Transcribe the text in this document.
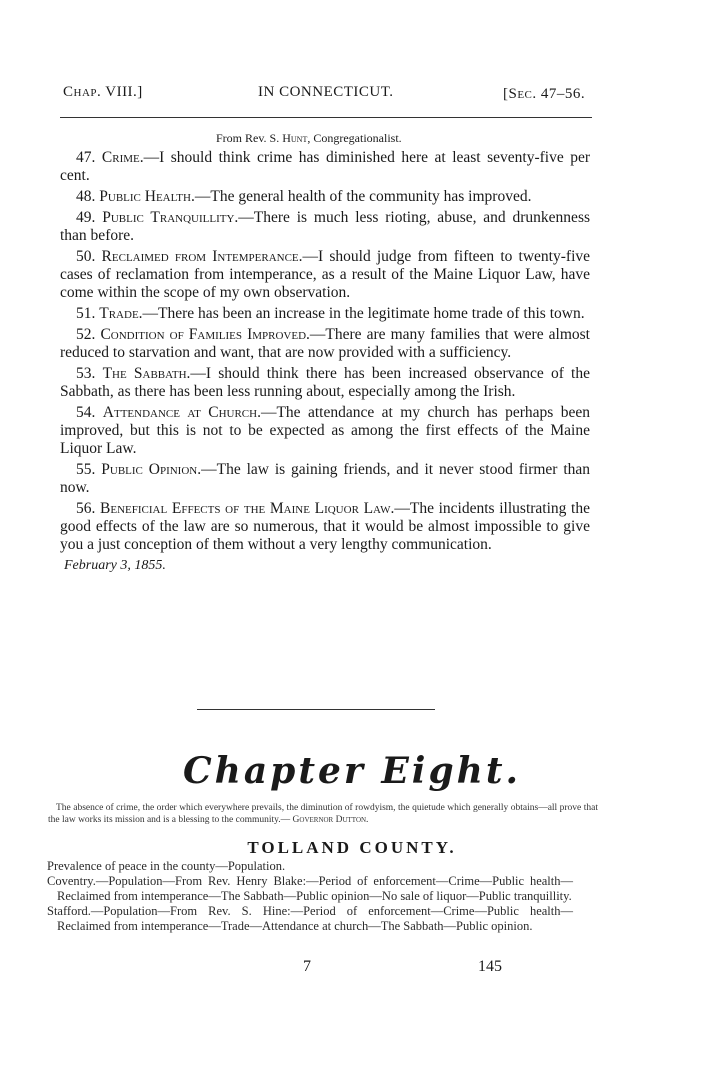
Chap. VIII.]	IN CONNECTICUT.	[Sec. 47–56.
From Rev. S. Hunt, Congregationalist.

47. Crime.—I should think crime has diminished here at least seventy-five per cent.

48. Public Health.—The general health of the community has improved.

49. Public Tranquillity.—There is much less rioting, abuse, and drunkenness than before.

50. Reclaimed from Intemperance.—I should judge from fifteen to twenty-five cases of reclamation from intemperance, as a result of the Maine Liquor Law, have come within the scope of my own observation.

51. Trade.—There has been an increase in the legitimate home trade of this town.

52. Condition of Families Improved.—There are many families that were almost reduced to starvation and want, that are now provided with a sufficiency.

53. The Sabbath.—I should think there has been increased observance of the Sabbath, as there has been less running about, especially among the Irish.

54. Attendance at Church.—The attendance at my church has perhaps been improved, but this is not to be expected as among the first effects of the Maine Liquor Law.

55. Public Opinion.—The law is gaining friends, and it never stood firmer than now.

56. Beneficial Effects of the Maine Liquor Law.—The incidents illustrating the good effects of the law are so numerous, that it would be almost impossible to give you a just conception of them without a very lengthy communication.

February 3, 1855.

Chapter Eight.

The absence of crime, the order which everywhere prevails, the diminution of rowdyism, the quietude which generally obtains—all prove that the law works its mission and is a blessing to the community.— Governor Dutton.

TOLLAND COUNTY.

Prevalence of peace in the county—Population.

Coventry.—Population—From Rev. Henry Blake:—Period of enforcement—Crime—Public health—Reclaimed from intemperance—The Sabbath—Public opinion—No sale of liquor—Public tranquillity.

Stafford.—Population—From Rev. S. Hine:—Period of enforcement—Crime—Public health—Reclaimed from intemperance—Trade—Attendance at church—The Sabbath—Public opinion.

7	145
